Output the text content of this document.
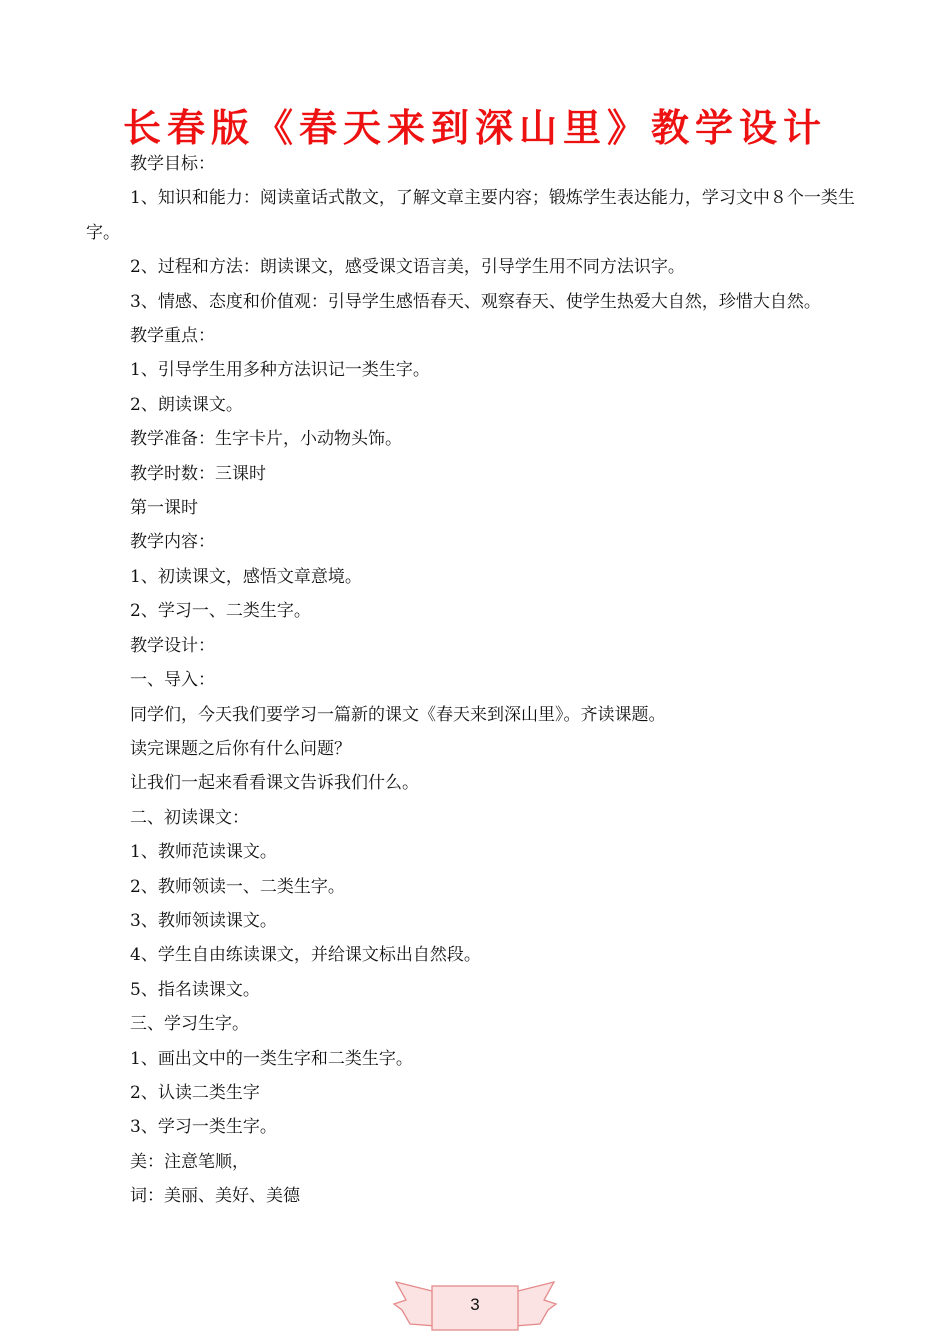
长春版《春天来到深山里》教学设计

教学目标：

1、知识和能力：阅读童话式散文，了解文章主要内容；锻炼学生表达能力，学习文中８个一类生字。

2、过程和方法：朗读课文，感受课文语言美，引导学生用不同方法识字。

3、情感、态度和价值观：引导学生感悟春天、观察春天、使学生热爱大自然，珍惜大自然。

教学重点：

1、引导学生用多种方法识记一类生字。

2、朗读课文。

教学准备：生字卡片，小动物头饰。

教学时数：三课时

第一课时

教学内容：

1、初读课文，感悟文章意境。

2、学习一、二类生字。

教学设计：

一、导入：

同学们，今天我们要学习一篇新的课文《春天来到深山里》。齐读课题。

读完课题之后你有什么问题？

让我们一起来看看课文告诉我们什么。

二、初读课文：

1、教师范读课文。

2、教师领读一、二类生字。

3、教师领读课文。

4、学生自由练读课文，并给课文标出自然段。

5、指名读课文。

三、学习生字。

1、画出文中的一类生字和二类生字。

2、认读二类生字

3、学习一类生字。

美：注意笔顺，

词：美丽、美好、美德

3
